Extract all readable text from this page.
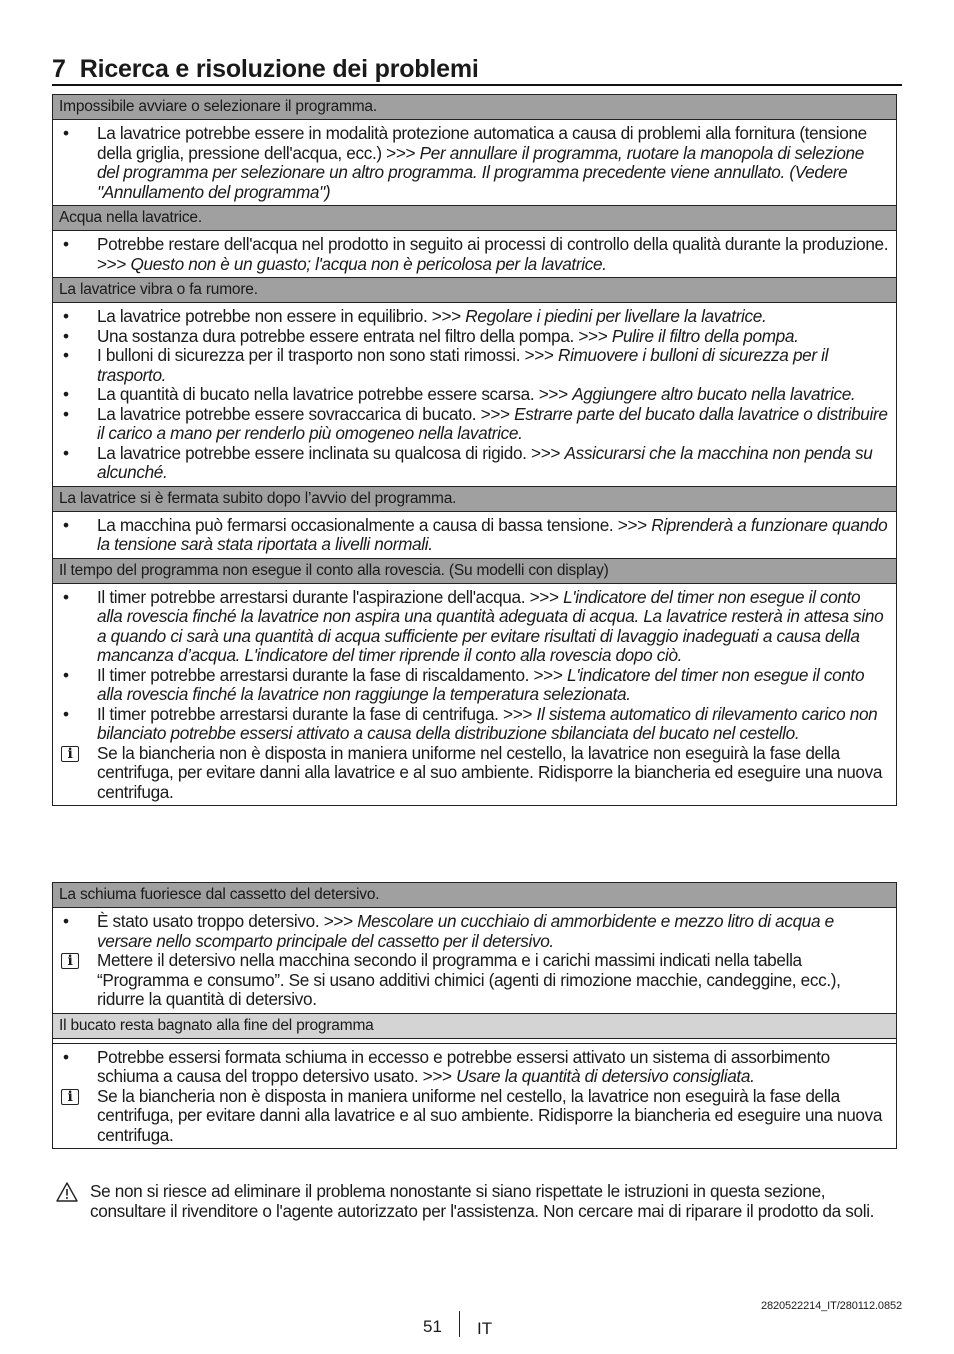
7 Ricerca e risoluzione dei problemi
Impossibile avviare o selezionare il programma.
•
La lavatrice potrebbe essere in modalità protezione automatica a causa di problemi alla fornitura (tensione della griglia, pressione dell'acqua, ecc.) >>> Per annullare il programma, ruotare la manopola di selezione del programma per selezionare un altro programma. Il programma precedente viene annullato. (Vedere "Annullamento del programma")
Acqua nella lavatrice.
•
Potrebbe restare dell'acqua nel prodotto in seguito ai processi di controllo della qualità durante la produzione. >>> Questo non è un guasto; l'acqua non è pericolosa per la lavatrice.
La lavatrice vibra o fa rumore.
•
La lavatrice potrebbe non essere in equilibrio. >>> Regolare i piedini per livellare la lavatrice.
•
Una sostanza dura potrebbe essere entrata nel filtro della pompa. >>> Pulire il filtro della pompa.
•
I bulloni di sicurezza per il trasporto non sono stati rimossi. >>> Rimuovere i bulloni di sicurezza per il trasporto.
•
La quantità di bucato nella lavatrice potrebbe essere scarsa. >>> Aggiungere altro bucato nella lavatrice.
•
La lavatrice potrebbe essere sovraccarica di bucato. >>> Estrarre parte del bucato dalla lavatrice o distribuire il carico a mano per renderlo più omogeneo nella lavatrice.
•
La lavatrice potrebbe essere inclinata su qualcosa di rigido. >>> Assicurarsi che la macchina non penda su alcunché.
La lavatrice si è fermata subito dopo l’avvio del programma.
•
La macchina può fermarsi occasionalmente a causa di bassa tensione. >>> Riprenderà a funzionare quando la tensione sarà stata riportata a livelli normali.
Il tempo del programma non esegue il conto alla rovescia. (Su modelli con display)
•
Il timer potrebbe arrestarsi durante l'aspirazione dell'acqua. >>> L'indicatore del timer non esegue il conto alla rovescia finché la lavatrice non aspira una quantità adeguata di acqua. La lavatrice resterà in attesa sino a quando ci sarà una quantità di acqua sufficiente per evitare risultati di lavaggio inadeguati a causa della mancanza d’acqua. L'indicatore del timer riprende il conto alla rovescia dopo ciò.
•
Il timer potrebbe arrestarsi durante la fase di riscaldamento. >>> L'indicatore del timer non esegue il conto alla rovescia finché la lavatrice non raggiunge la temperatura selezionata.
•
Il timer potrebbe arrestarsi durante la fase di centrifuga. >>> Il sistema automatico di rilevamento carico non bilanciato potrebbe essersi attivato a causa della distribuzione sbilanciata del bucato nel cestello.
i
Se la biancheria non è disposta in maniera uniforme nel cestello, la lavatrice non eseguirà la fase della centrifuga, per evitare danni alla lavatrice e al suo ambiente. Ridisporre la biancheria ed eseguire una nuova centrifuga.
La schiuma fuoriesce dal cassetto del detersivo.
•
È stato usato troppo detersivo. >>> Mescolare un cucchiaio di ammorbidente e mezzo litro di acqua e versare nello scomparto principale del cassetto per il detersivo.
i
Mettere il detersivo nella macchina secondo il programma e i carichi massimi indicati nella tabella “Programma e consumo”. Se si usano additivi chimici (agenti di rimozione macchie, candeggine, ecc.), ridurre la quantità di detersivo.
Il bucato resta bagnato alla fine del programma
•
Potrebbe essersi formata schiuma in eccesso e potrebbe essersi attivato un sistema di assorbimento schiuma a causa del troppo detersivo usato. >>> Usare la quantità di detersivo consigliata.
i
Se la biancheria non è disposta in maniera uniforme nel cestello, la lavatrice non eseguirà la fase della centrifuga, per evitare danni alla lavatrice e al suo ambiente. Ridisporre la biancheria ed eseguire una nuova centrifuga.
Se non si riesce ad eliminare il problema nonostante si siano rispettate le istruzioni in questa sezione, consultare il rivenditore o l'agente autorizzato per l'assistenza. Non cercare mai di riparare il prodotto da soli.
2820522214_IT/280112.0852
51 IT
